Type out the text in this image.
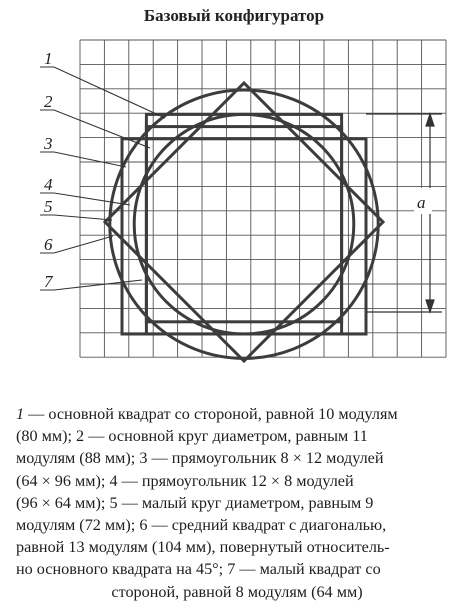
Базовый конфигуратор
a
1
2
3
4
5
6
7
1 — основной квадрат со стороной, равной 10 модулям
(80 мм); 2 — основной круг диаметром, равным 11
модулям (88 мм); 3 — прямоугольник 8 × 12 модулей
(64 × 96 мм); 4 — прямоугольник 12 × 8 модулей
(96 × 64 мм); 5 — малый круг диаметром, равным 9
модулям (72 мм); 6 — средний квадрат с диагональю,
равной 13 модулям (104 мм), повернутый относитель-
но основного квадрата на 45°; 7 — малый квадрат со
стороной, равной 8 модулям (64 мм)
